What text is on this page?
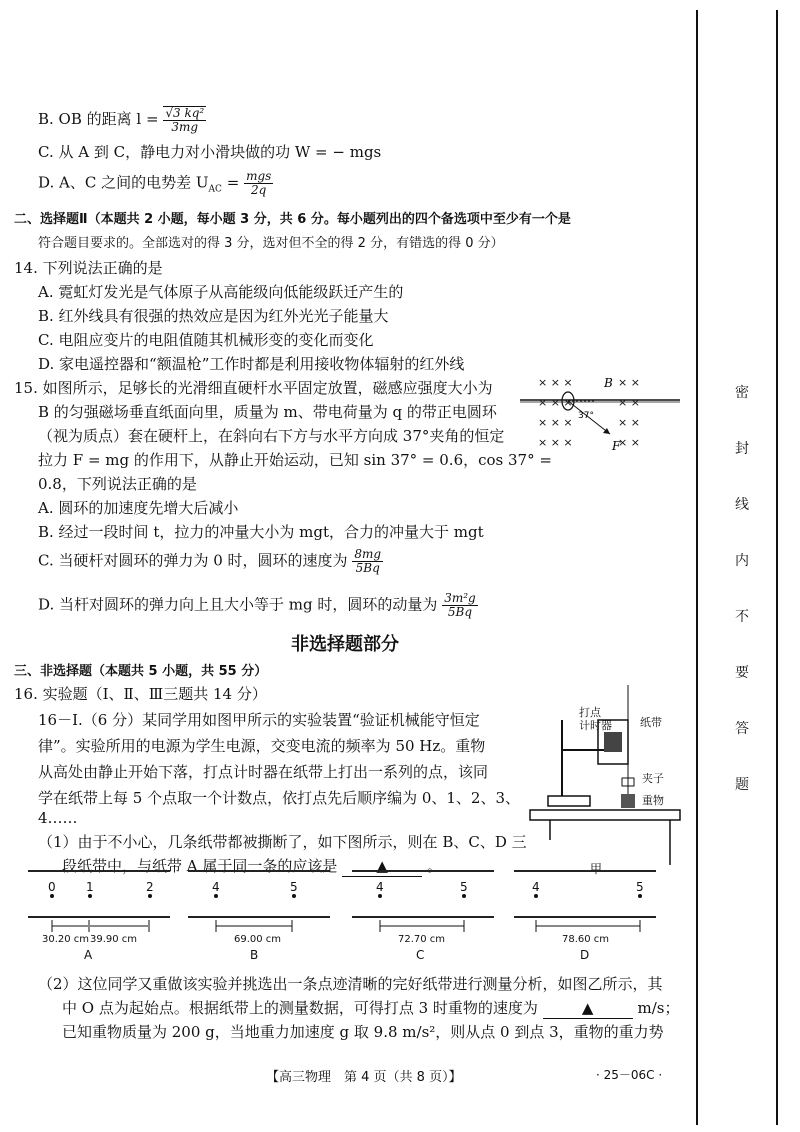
密
封
线
内
不
要
答
题
B. OB 的距离 $l = \frac{\text{√3 kq²}}{3mg}$
C. 从 A 到 C，静电力对小滑块做的功 W = − mgs
D. A、C 之间的电势差 $U_{AC} = \frac{\text{mgs}}{2q}$
二、选择题Ⅱ（本题共 2 小题，每小题 3 分，共 6 分。每小题列出的四个备选项中至少有一个是
符合题目要求的。全部选对的得 3 分，选对但不全的得 2 分，有错选的得 0 分）
14. 下列说法正确的是
A. 霓虹灯发光是气体原子从高能级向低能级跃迁产生的
B. 红外线具有很强的热效应是因为红外光光子能量大
C. 电阻应变片的电阻值随其机械形变的变化而变化
D. 家电遥控器和“额温枪”工作时都是利用接收物体辐射的红外线
15. 如图所示，足够长的光滑细直硬杆水平固定放置，磁感应强度大小为
B 的匀强磁场垂直纸面向里，质量为 m、带电荷量为 q 的带正电圆环
（视为质点）套在硬杆上，在斜向右下方与水平方向成 37°夹角的恒定
拉力 F = mg 的作用下，从静止开始运动，已知 sin 37° = 0.6，cos 37° =
0.8，下列说法正确的是
A. 圆环的加速度先增大后减小
B. 经过一段时间 t，拉力的冲量大小为 mgt，合力的冲量大于 mgt
C. 当硬杆对圆环的弹力为 0 时，圆环的速度为 $\frac{8mg}{5Bq}$
D. 当杆对圆环的弹力向上且大小等于 mg 时，圆环的动量为 $\frac{\text{3m²g}}{5Bq}$
× × ×	× ×
× × ×	× ×
× × ×	× ×
× × ×	× ×
B
37°
F
非选择题部分
三、非选择题（本题共 5 小题，共 55 分）
16. 实验题（Ⅰ、Ⅱ、Ⅲ三题共 14 分）
16－Ⅰ.（6 分）某同学用如图甲所示的实验装置“验证机械能守恒定
律”。实验所用的电源为学生电源，交变电流的频率为 50 Hz。重物
从高处由静止开始下落，打点计时器在纸带上打出一系列的点，该同
学在纸带上每 5 个点取一个计数点，依打点先后顺序编为 0、1、2、3、
4……
（1）由于不小心，几条纸带都被撕断了，如下图所示，则在 B、C、D 三
段纸带中，与纸带 A 属于同一条的应该是	▲	。
打点
计时器	纸带
夹子
重物
甲
0	1	2
30.20 cm 39.90 cm
A
4	5
69.00 cm
B
4	5
72.70 cm
C
4	5
78.60 cm
D
（2）这位同学又重做该实验并挑选出一条点迹清晰的完好纸带进行测量分析，如图乙所示，其
中 O 点为起始点。根据纸带上的测量数据，可得打点 3 时重物的速度为	▲	m/s；
已知重物质量为 200 g，当地重力加速度 g 取 9.8 m/s²，则从点 0 到点 3，重物的重力势
【高三物理　第 4 页（共 8 页）】	· 25－06C ·
